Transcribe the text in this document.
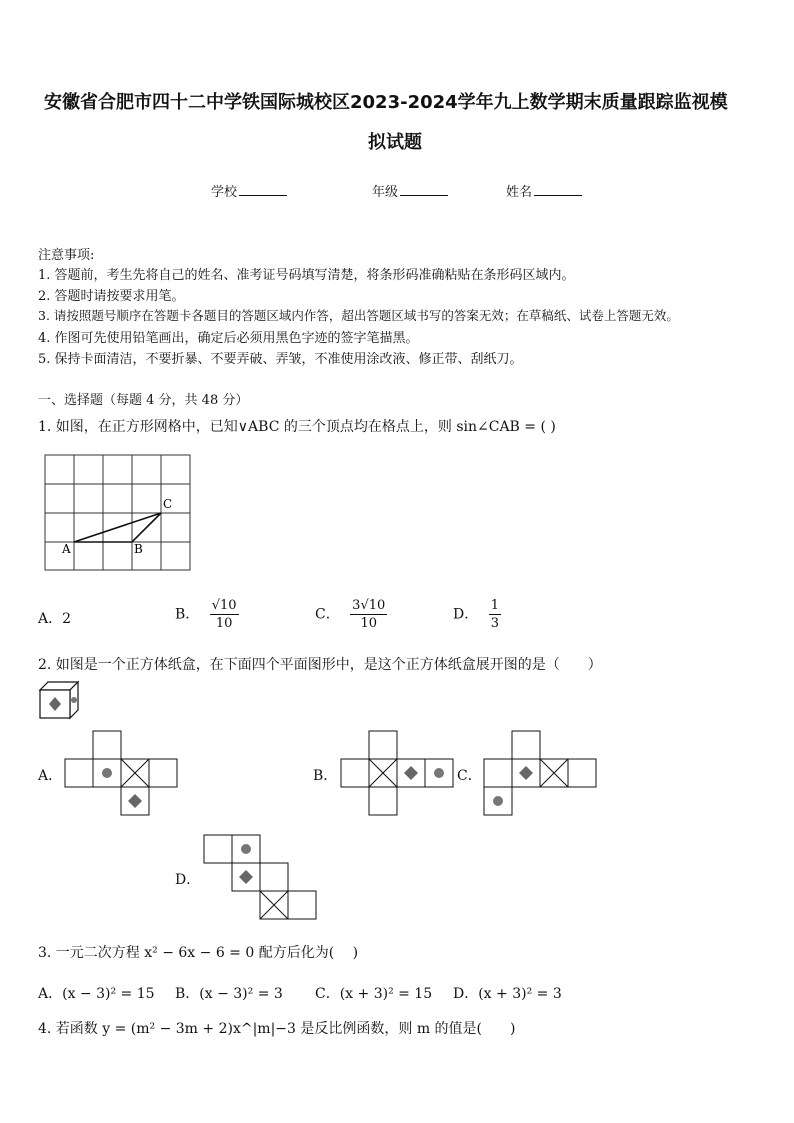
安徽省合肥市四十二中学铁国际城校区2023-2024学年九上数学期末质量跟踪监视模
拟试题
学校	年级	姓名
注意事项:
1. 答题前，考生先将自己的姓名、准考证号码填写清楚，将条形码准确粘贴在条形码区域内。
2. 答题时请按要求用笔。
3. 请按照题号顺序在答题卡各题目的答题区域内作答，超出答题区域书写的答案无效；在草稿纸、试卷上答题无效。
4. 作图可先使用铅笔画出，确定后必须用黑色字迹的签字笔描黑。
5. 保持卡面清洁，不要折暴、不要弄破、弄皱，不准使用涂改液、修正带、刮纸刀。
一、选择题（每题 4 分，共 48 分）
1. 如图，在正方形网格中，已知∨ABC 的三个顶点均在格点上，则 sin∠CAB = ( )
A	B
C
A．2	B． $\frac{√10}{10}$	C． $\frac{3√10}{10}$	D． $\frac{1}{3}$
2. 如图是一个正方体纸盒，在下面四个平面图形中，是这个正方体纸盒展开图的是（　　）
A．	B．	C．
D．
3. 一元二次方程 x² − 6x − 6 = 0 配方后化为(　 )
A．(x − 3)² = 15 B．(x − 3)² = 3 C．(x + 3)² = 15 D．(x + 3)² = 3
4. 若函数 y = (m² − 3m + 2)x^|m|−3 是反比例函数，则 m 的值是(　　)
